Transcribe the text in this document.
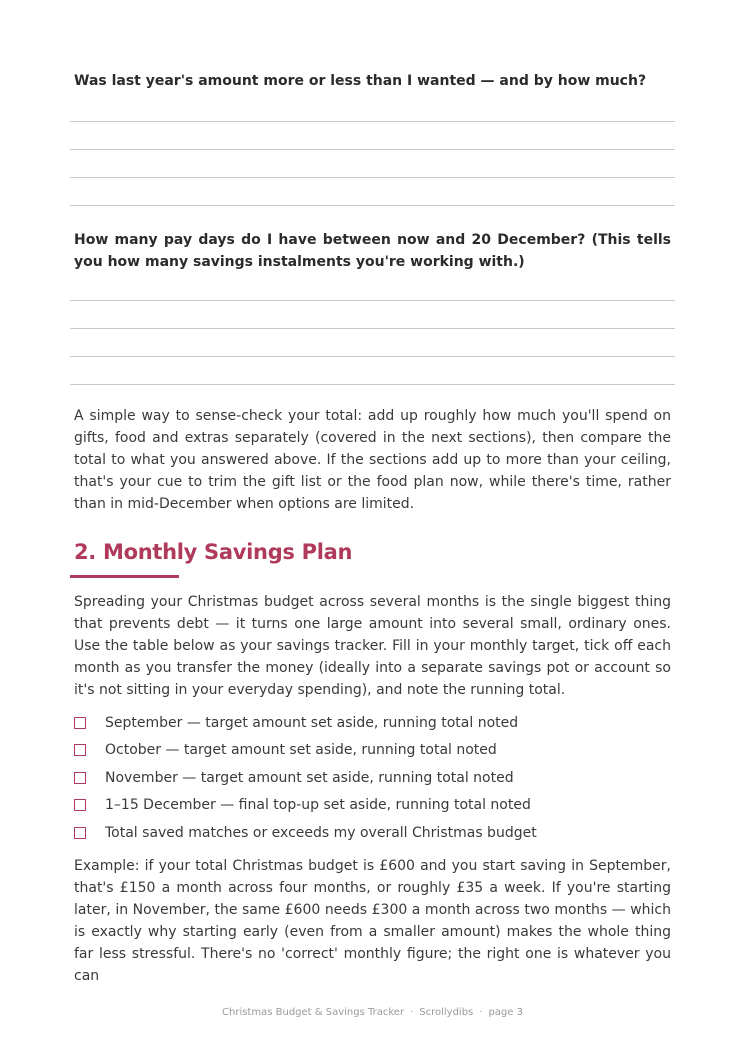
Was last year's amount more or less than I wanted — and by how much?

How many pay days do I have between now and 20 December? (This tells you how many savings instalments you're working with.)

A simple way to sense-check your total: add up roughly how much you'll spend on gifts, food and extras separately (covered in the next sections), then compare the total to what you answered above. If the sections add up to more than your ceiling, that's your cue to trim the gift list or the food plan now, while there's time, rather than in mid-December when options are limited.

2. Monthly Savings Plan

Spreading your Christmas budget across several months is the single biggest thing that prevents debt — it turns one large amount into several small, ordinary ones. Use the table below as your savings tracker. Fill in your monthly target, tick off each month as you transfer the money (ideally into a separate savings pot or account so it's not sitting in your everyday spending), and note the running total.

September — target amount set aside, running total noted
October — target amount set aside, running total noted
November — target amount set aside, running total noted
1–15 December — final top-up set aside, running total noted
Total saved matches or exceeds my overall Christmas budget

Example: if your total Christmas budget is £600 and you start saving in September, that's £150 a month across four months, or roughly £35 a week. If you're starting later, in November, the same £600 needs £300 a month across two months — which is exactly why starting early (even from a smaller amount) makes the whole thing far less stressful. There's no 'correct' monthly figure; the right one is whatever you can

Christmas Budget & Savings Tracker · Scrollydibs · page 3
